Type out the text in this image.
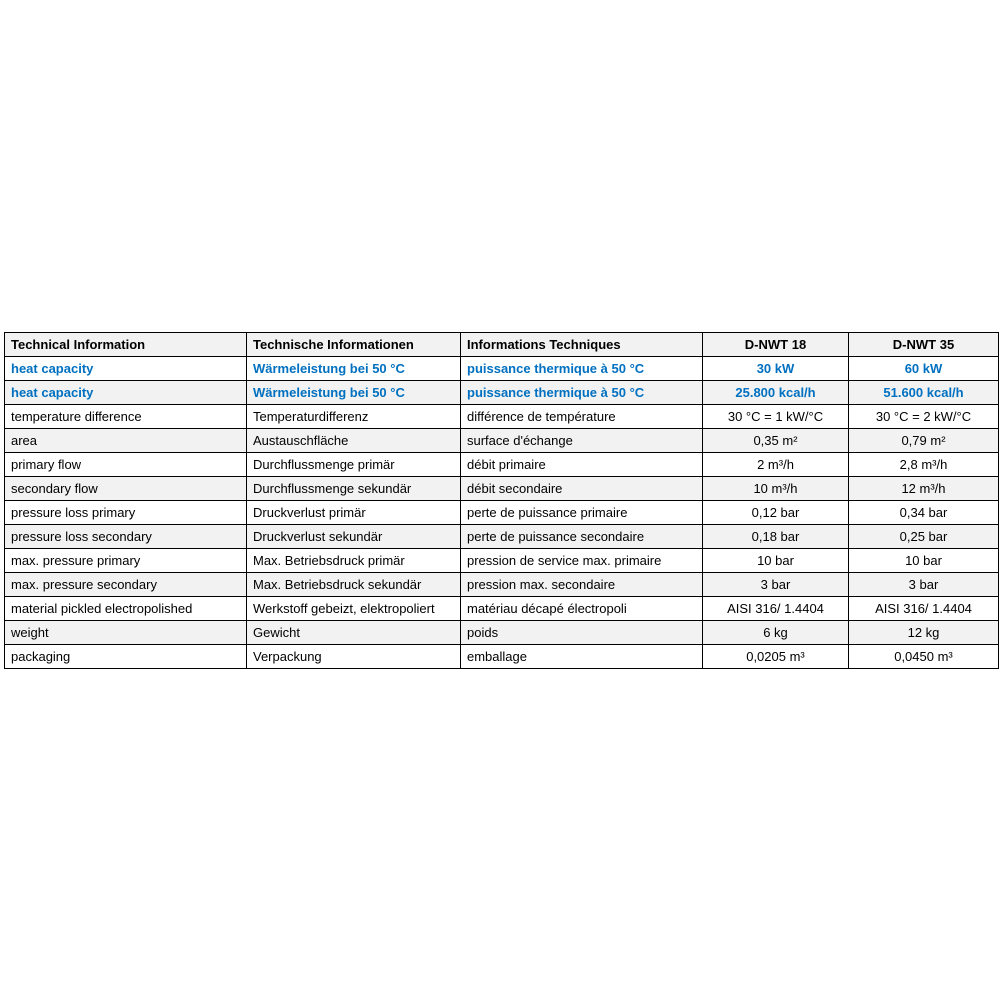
Technical Information	Technische Informationen	Informations Techniques	D-NWT 18	D-NWT 35
heat capacity	Wärmeleistung bei 50 °C	puissance thermique à 50 °C	30 kW	60 kW
heat capacity	Wärmeleistung bei 50 °C	puissance thermique à 50 °C	25.800 kcal/h	51.600 kcal/h
temperature difference	Temperaturdifferenz	différence de température	30 °C = 1 kW/°C	30 °C = 2 kW/°C
area	Austauschfläche	surface d'échange	0,35 m²	0,79 m²
primary flow	Durchflussmenge primär	débit primaire	2 m³/h	2,8 m³/h
secondary flow	Durchflussmenge sekundär	débit secondaire	10 m³/h	12 m³/h
pressure loss primary	Druckverlust primär	perte de puissance primaire	0,12 bar	0,34 bar
pressure loss secondary	Druckverlust sekundär	perte de puissance secondaire	0,18 bar	0,25 bar
max. pressure primary	Max. Betriebsdruck primär	pression de service max. primaire	10 bar	10 bar
max. pressure secondary	Max. Betriebsdruck sekundär	pression max. secondaire	3 bar	3 bar
material pickled electropolished	Werkstoff gebeizt, elektropoliert	matériau décapé électropoli	AISI 316/ 1.4404	AISI 316/ 1.4404
weight	Gewicht	poids	6 kg	12 kg
packaging	Verpackung	emballage	0,0205 m³	0,0450 m³
